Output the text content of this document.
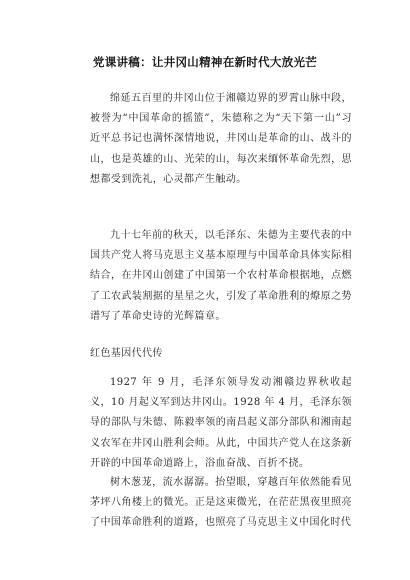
党课讲稿：让井冈山精神在新时代大放光芒

绵延五百里的井冈山位于湘赣边界的罗霄山脉中段，被誉为“中国革命的摇篮”，朱德称之为“天下第一山”习近平总书记也满怀深情地说，井冈山是革命的山、战斗的山，也是英雄的山、光荣的山，每次来缅怀革命先烈，思想都受到洗礼，心灵都产生触动。

九十七年前的秋天，以毛泽东、朱德为主要代表的中国共产党人将马克思主义基本原理与中国革命具体实际相结合，在井冈山创建了中国第一个农村革命根据地，点燃了工农武装割据的星星之火，引发了革命胜利的燎原之势谱写了革命史诗的光辉篇章。

红色基因代代传

1927 年 9 月，毛泽东领导发动湘赣边界秋收起义，10 月起义军到达井冈山。1928 年 4 月，毛泽东领导的部队与朱德、陈毅率领的南昌起义部分部队和湘南起义农军在井冈山胜利会师。从此，中国共产党人在这条新开辟的中国革命道路上，浴血奋战、百折不挠。

树木葱茏，流水潺潺。抬望眼，穿越百年依然能看见茅坪八角楼上的微光。正是这束微光，在茫茫黑夜里照亮了中国革命胜利的道路，也照亮了马克思主义中国化时代
